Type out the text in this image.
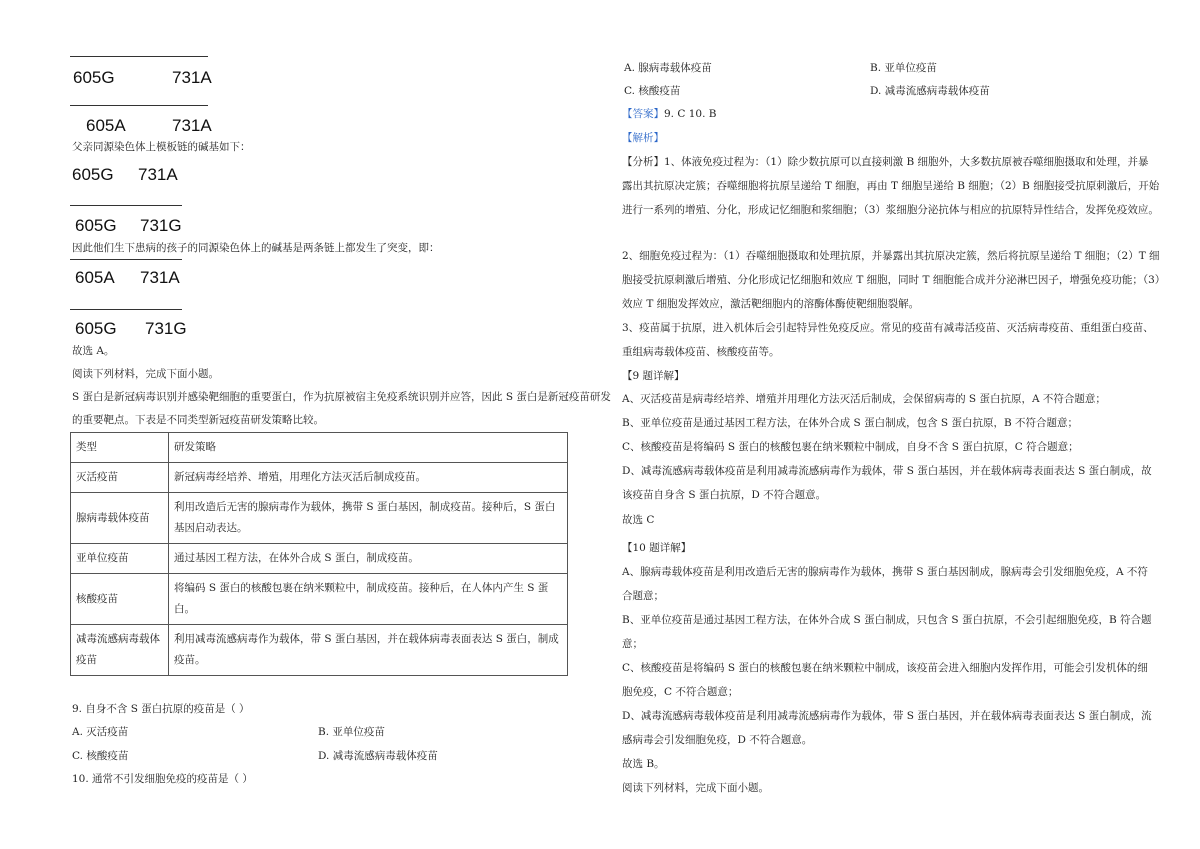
605G	731A
605A	731A
父亲同源染色体上模板链的碱基如下：
605G 731A
605G 731G
因此他们生下患病的孩子的同源染色体上的碱基是两条链上都发生了突变，即：
605A 731A
605G 731G
故选 A。
阅读下列材料，完成下面小题。
S 蛋白是新冠病毒识别并感染靶细胞的重要蛋白，作为抗原被宿主免疫系统识别并应答，因此 S 蛋白是新冠疫苗研发
的重要靶点。下表是不同类型新冠疫苗研发策略比较。
类型	研发策略
灭活疫苗	新冠病毒经培养、增殖，用理化方法灭活后制成疫苗。
腺病毒载体疫苗	利用改造后无害的腺病毒作为载体，携带 S 蛋白基因，制成疫苗。接种后，S 蛋白基因启动表达。
亚单位疫苗	通过基因工程方法，在体外合成 S 蛋白，制成疫苗。
核酸疫苗	将编码 S 蛋白的核酸包裹在纳米颗粒中，制成疫苗。接种后，在人体内产生 S 蛋白。
减毒流感病毒载体疫苗	利用减毒流感病毒作为载体，带 S 蛋白基因，并在载体病毒表面表达 S 蛋白，制成疫苗。
9. 自身不含 S 蛋白抗原的疫苗是（ ）
A. 灭活疫苗	B. 亚单位疫苗
C. 核酸疫苗	D. 减毒流感病毒载体疫苗
10. 通常不引发细胞免疫的疫苗是（ ）
A. 腺病毒载体疫苗	B. 亚单位疫苗
C. 核酸疫苗	D. 减毒流感病毒载体疫苗
【答案】9. C 10. B
【解析】
【分析】1、体液免疫过程为：（1）除少数抗原可以直接刺激 B 细胞外，大多数抗原被吞噬细胞摄取和处理，并暴
露出其抗原决定簇；吞噬细胞将抗原呈递给 T 细胞，再由 T 细胞呈递给 B 细胞；（2）B 细胞接受抗原刺激后，开始
进行一系列的增殖、分化，形成记忆细胞和浆细胞；（3）浆细胞分泌抗体与相应的抗原特异性结合，发挥免疫效应。
2、细胞免疫过程为：（1）吞噬细胞摄取和处理抗原，并暴露出其抗原决定簇，然后将抗原呈递给 T 细胞；（2）T 细
胞接受抗原刺激后增殖、分化形成记忆细胞和效应 T 细胞，同时 T 细胞能合成并分泌淋巴因子，增强免疫功能；（3）
效应 T 细胞发挥效应，激活靶细胞内的溶酶体酶使靶细胞裂解。
3、疫苗属于抗原，进入机体后会引起特异性免疫反应。常见的疫苗有减毒活疫苗、灭活病毒疫苗、重组蛋白疫苗、
重组病毒载体疫苗、核酸疫苗等。
【9 题详解】
A、灭活疫苗是病毒经培养、增殖并用理化方法灭活后制成，会保留病毒的 S 蛋白抗原，A 不符合题意；
B、亚单位疫苗是通过基因工程方法，在体外合成 S 蛋白制成，包含 S 蛋白抗原，B 不符合题意；
C、核酸疫苗是将编码 S 蛋白的核酸包裹在纳米颗粒中制成，自身不含 S 蛋白抗原，C 符合题意；
D、减毒流感病毒载体疫苗是利用减毒流感病毒作为载体，带 S 蛋白基因，并在载体病毒表面表达 S 蛋白制成，故
该疫苗自身含 S 蛋白抗原，D 不符合题意。
故选 C
【10 题详解】
A、腺病毒载体疫苗是利用改造后无害的腺病毒作为载体，携带 S 蛋白基因制成，腺病毒会引发细胞免疫，A 不符
合题意；
B、亚单位疫苗是通过基因工程方法，在体外合成 S 蛋白制成，只包含 S 蛋白抗原，不会引起细胞免疫，B 符合题
意；
C、核酸疫苗是将编码 S 蛋白的核酸包裹在纳米颗粒中制成，该疫苗会进入细胞内发挥作用，可能会引发机体的细
胞免疫，C 不符合题意；
D、减毒流感病毒载体疫苗是利用减毒流感病毒作为载体，带 S 蛋白基因，并在载体病毒表面表达 S 蛋白制成，流
感病毒会引发细胞免疫，D 不符合题意。
故选 B。
阅读下列材料，完成下面小题。
